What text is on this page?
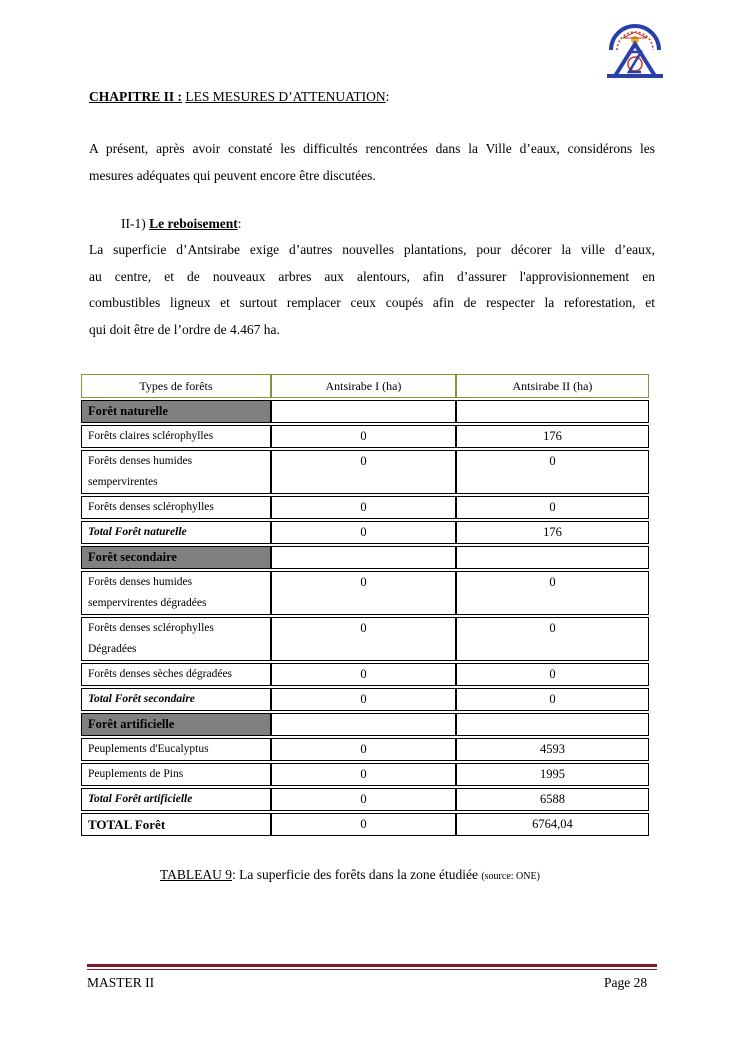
CHAPITRE II : LES MESURES D’ATTENUATION:
A présent, après avoir constaté les difficultés rencontrées dans la Ville d’eaux, considérons les
mesures adéquates qui peuvent encore être discutées.
II-1) Le reboisement:
La superficie d’Antsirabe exige d’autres nouvelles plantations, pour décorer la ville d’eaux,
au centre, et de nouveaux arbres aux alentours, afin d’assurer l'approvisionnement en
combustibles ligneux et surtout remplacer ceux coupés afin de respecter la reforestation, et
qui doit être de l’ordre de 4.467 ha.
Types de forêts	Antsirabe I (ha)	Antsirabe II (ha)
Forêt naturelle		
Forêts claires sclérophylles	0	176
Forêts denses humides sempervirentes	0	0
Forêts denses sclérophylles	0	0
Total Forêt naturelle	0	176
Forêt secondaire		
Forêts denses humides sempervirentes dégradées	0	0
Forêts denses sclérophylles Dégradées	0	0
Forêts denses sèches dégradées	0	0
Total Forêt secondaire	0	0
Forêt artificielle		
Peuplements d'Eucalyptus	0	4593
Peuplements de Pins	0	1995
Total Forêt artificielle	0	6588
TOTAL Forêt	0	6764,04
TABLEAU 9: La superficie des forêts dans la zone étudiée (source: ONE)
MASTER II	Page 28
